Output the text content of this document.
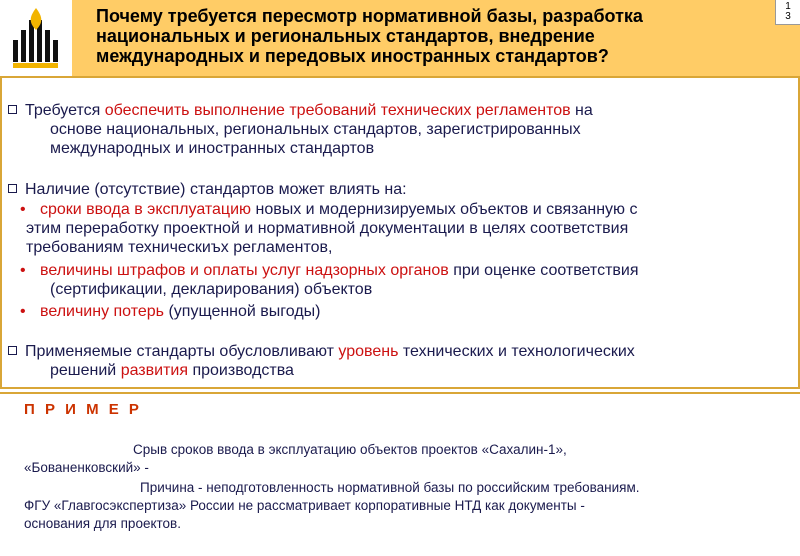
Почему требуется пересмотр нормативной базы, разработка
национальных и региональных стандартов, внедрение
международных и передовых иностранных стандартов?
13
Требуется обеспечить выполнение требований технических регламентов на
основе национальных, региональных стандартов, зарегистрированных
международных и иностранных стандартов
Наличие (отсутствие) стандартов может влиять на:
• сроки ввода в эксплуатацию новых и модернизируемых объектов и связанную с
этим переработку проектной и нормативной документации в целях соответствия
требованиям техническиъх регламентов,
• величины штрафов и оплаты услуг надзорных органов при оценке соответствия
(сертификации, декларирования) объектов
• величину потерь (упущенной выгоды)
Применяемые стандарты обусловливают уровень технических и технологических
решений развития производства
П Р И М Е Р
Срыв сроков ввода в эксплуатацию объектов проектов «Сахалин-1»,
«Бованенковский» -
Причина - неподготовленность нормативной базы по российским требованиям.
ФГУ «Главгосэкспертиза» России не рассматривает корпоративные НТД как документы -
основания для проектов.
